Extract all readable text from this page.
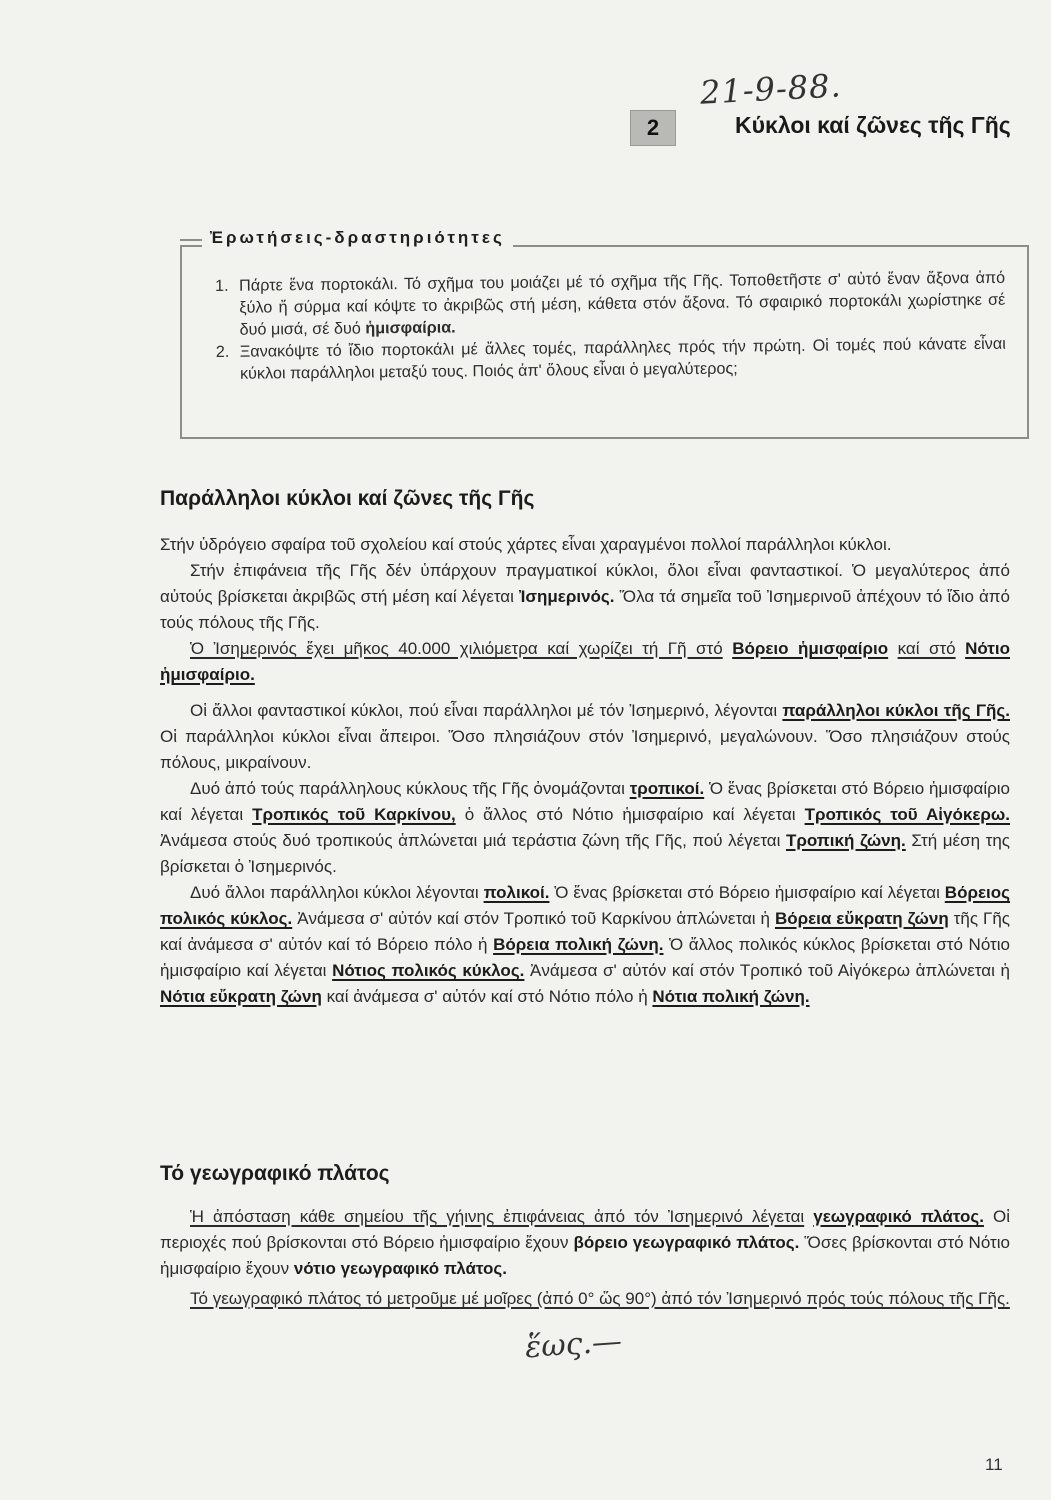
21-9-88.
2	Κύκλοι καί ζῶνες τῆς Γῆς
Ἐρωτήσεις-δραστηριότητες
1. Πάρτε ἕνα πορτοκάλι. Τό σχῆμα του μοιάζει μέ τό σχῆμα τῆς Γῆς. Τοποθετῆστε σ' αὐτό ἕναν ἄξονα ἀπό ξύλο ἤ σύρμα καί κόψτε το ἀκριβῶς στή μέση, κάθετα στόν ἄξονα. Τό σφαιρικό πορτοκάλι χωρίστηκε σέ δυό μισά, σέ δυό ἡμισφαίρια.
2. Ξανακόψτε τό ἴδιο πορτοκάλι μέ ἄλλες τομές, παράλληλες πρός τήν πρώτη. Οἱ τομές πού κάνατε εἶναι κύκλοι παράλληλοι μεταξύ τους. Ποιός ἀπ' ὅλους εἶναι ὁ μεγαλύτερος;
Παράλληλοι κύκλοι καί ζῶνες τῆς Γῆς

Στήν ὑδρόγειο σφαίρα τοῦ σχολείου καί στούς χάρτες εἶναι χαραγμένοι πολλοί παράλληλοι κύκλοι.

Στήν ἐπιφάνεια τῆς Γῆς δέν ὑπάρχουν πραγματικοί κύκλοι, ὅλοι εἶναι φανταστικοί. Ὁ μεγαλύτερος ἀπό αὐτούς βρίσκεται ἀκριβῶς στή μέση καί λέγεται Ἰσημερινός. Ὅλα τά σημεῖα τοῦ Ἰσημερινοῦ ἀπέχουν τό ἴδιο ἀπό τούς πόλους τῆς Γῆς.

Ὁ Ἰσημερινός ἔχει μῆκος 40.000 χιλιόμετρα καί χωρίζει τή Γῆ στό Βόρειο ἡμισφαίριο καί στό Νότιο ἡμισφαίριο.

Οἱ ἄλλοι φανταστικοί κύκλοι, πού εἶναι παράλληλοι μέ τόν Ἰσημερινό, λέγονται παράλληλοι κύκλοι τῆς Γῆς. Οἱ παράλληλοι κύκλοι εἶναι ἄπειροι. Ὅσο πλησιάζουν στόν Ἰσημερινό, μεγαλώνουν. Ὅσο πλησιάζουν στούς πόλους, μικραίνουν.

Δυό ἀπό τούς παράλληλους κύκλους τῆς Γῆς ὀνομάζονται τροπικοί. Ὁ ἕνας βρίσκεται στό Βόρειο ἡμισφαίριο καί λέγεται Τροπικός τοῦ Καρκίνου, ὁ ἄλλος στό Νότιο ἡμισφαίριο καί λέγεται Τροπικός τοῦ Αἰγόκερω. Ἀνάμεσα στούς δυό τροπικούς ἁπλώνεται μιά τεράστια ζώνη τῆς Γῆς, πού λέγεται Τροπική ζώνη. Στή μέση της βρίσκεται ὁ Ἰσημερινός.

Δυό ἄλλοι παράλληλοι κύκλοι λέγονται πολικοί. Ὁ ἕνας βρίσκεται στό Βόρειο ἡμισφαίριο καί λέγεται Βόρειος πολικός κύκλος. Ἀνάμεσα σ' αὐτόν καί στόν Τροπικό τοῦ Καρκίνου ἁπλώνεται ἡ Βόρεια εὔκρατη ζώνη τῆς Γῆς καί ἀνάμεσα σ' αὐτόν καί τό Βόρειο πόλο ἡ Βόρεια πολική ζώνη. Ὁ ἄλλος πολικός κύκλος βρίσκεται στό Νότιο ἡμισφαίριο καί λέγεται Νότιος πολικός κύκλος. Ἀνάμεσα σ' αὐτόν καί στόν Τροπικό τοῦ Αἰγόκερω ἁπλώνεται ἡ Νότια εὔκρατη ζώνη καί ἀνάμεσα σ' αὐτόν καί στό Νότιο πόλο ἡ Νότια πολική ζώνη.

Τό γεωγραφικό πλάτος

Ἡ ἀπόσταση κάθε σημείου τῆς γήινης ἐπιφάνειας ἀπό τόν Ἰσημερινό λέγεται γεωγραφικό πλάτος. Οἱ περιοχές πού βρίσκονται στό Βόρειο ἡμισφαίριο ἔχουν βόρειο γεωγραφικό πλάτος. Ὅσες βρίσκονται στό Νότιο ἡμισφαίριο ἔχουν νότιο γεωγραφικό πλάτος.

Τό γεωγραφικό πλάτος τό μετροῦμε μέ μοῖρες (ἀπό 0° ὥς 90°) ἀπό τόν Ἰσημερινό πρός τούς πόλους τῆς Γῆς.

ἕως.—
11
